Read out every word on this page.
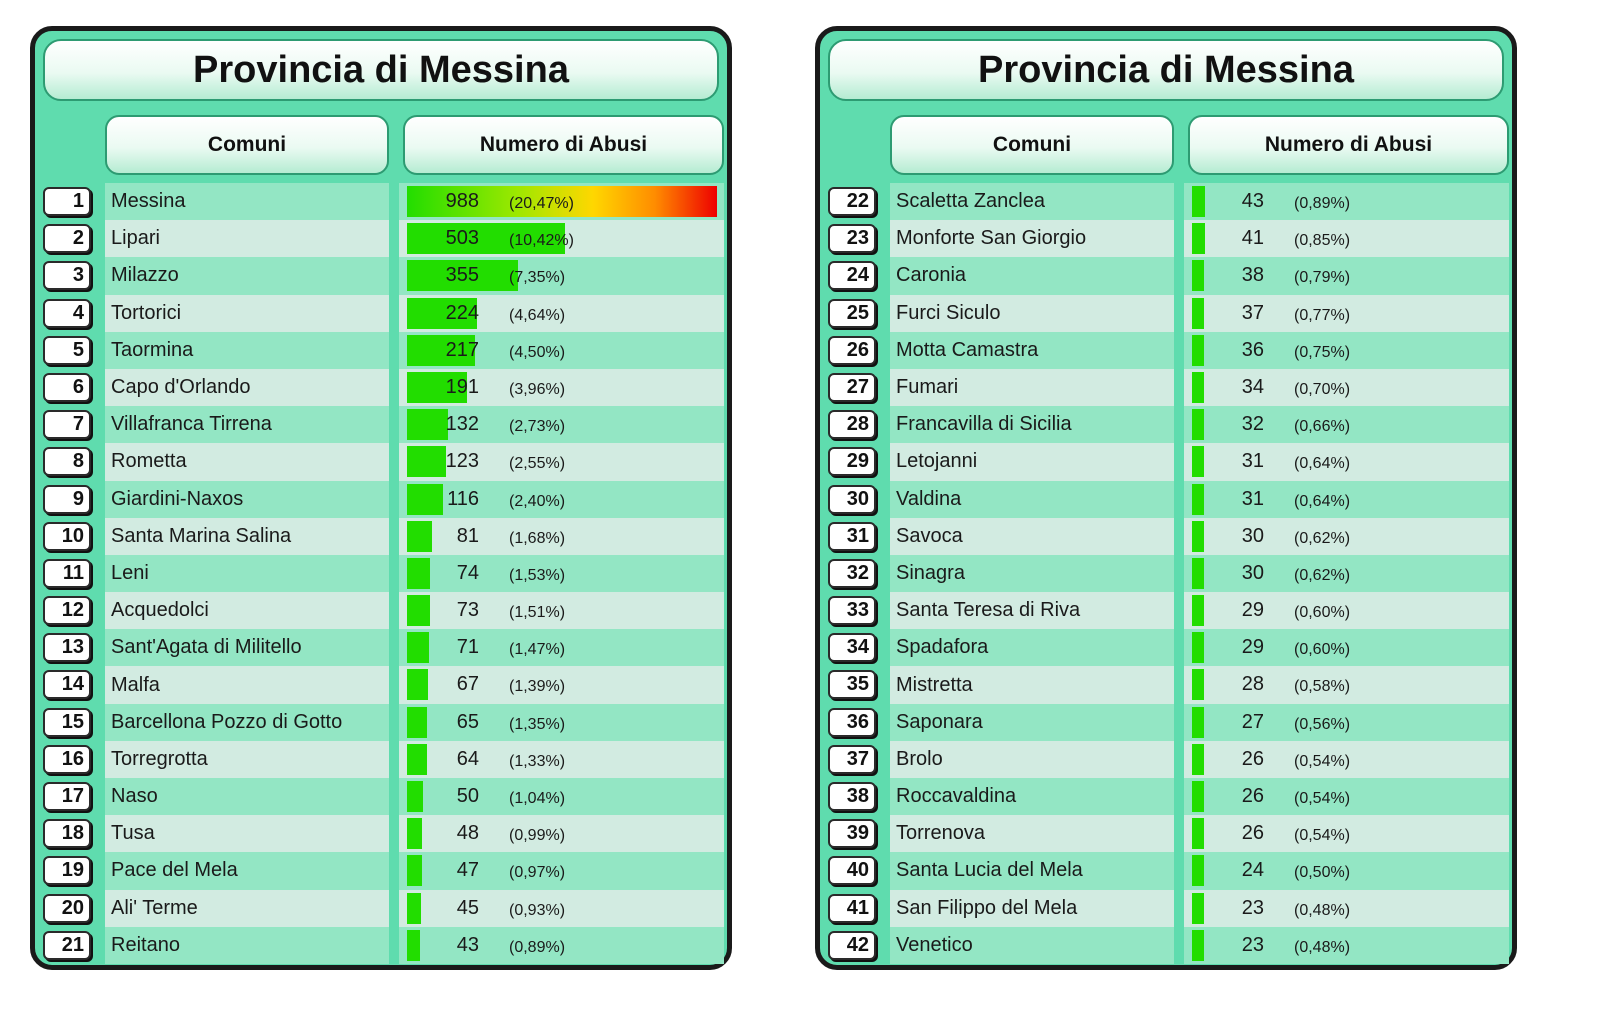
Provincia di Messina
Comuni	Numero di Abusi
1	Messina	988 (20,47%)
2	Lipari	503 (10,42%)
3	Milazzo	355 (7,35%)
4	Tortorici	224 (4,64%)
5	Taormina	217 (4,50%)
6	Capo d'Orlando	191 (3,96%)
7	Villafranca Tirrena	132 (2,73%)
8	Rometta	123 (2,55%)
9	Giardini-Naxos	116 (2,40%)
10	Santa Marina Salina	81 (1,68%)
11	Leni	74 (1,53%)
12	Acquedolci	73 (1,51%)
13	Sant'Agata di Militello	71 (1,47%)
14	Malfa	67 (1,39%)
15	Barcellona Pozzo di Gotto	65 (1,35%)
16	Torregrotta	64 (1,33%)
17	Naso	50 (1,04%)
18	Tusa	48 (0,99%)
19	Pace del Mela	47 (0,97%)
20	Ali' Terme	45 (0,93%)
21	Reitano	43 (0,89%)
Provincia di Messina
Comuni	Numero di Abusi
22	Scaletta Zanclea	43 (0,89%)
23	Monforte San Giorgio	41 (0,85%)
24	Caronia	38 (0,79%)
25	Furci Siculo	37 (0,77%)
26	Motta Camastra	36 (0,75%)
27	Fumari	34 (0,70%)
28	Francavilla di Sicilia	32 (0,66%)
29	Letojanni	31 (0,64%)
30	Valdina	31 (0,64%)
31	Savoca	30 (0,62%)
32	Sinagra	30 (0,62%)
33	Santa Teresa di Riva	29 (0,60%)
34	Spadafora	29 (0,60%)
35	Mistretta	28 (0,58%)
36	Saponara	27 (0,56%)
37	Brolo	26 (0,54%)
38	Roccavaldina	26 (0,54%)
39	Torrenova	26 (0,54%)
40	Santa Lucia del Mela	24 (0,50%)
41	San Filippo del Mela	23 (0,48%)
42	Venetico	23 (0,48%)
